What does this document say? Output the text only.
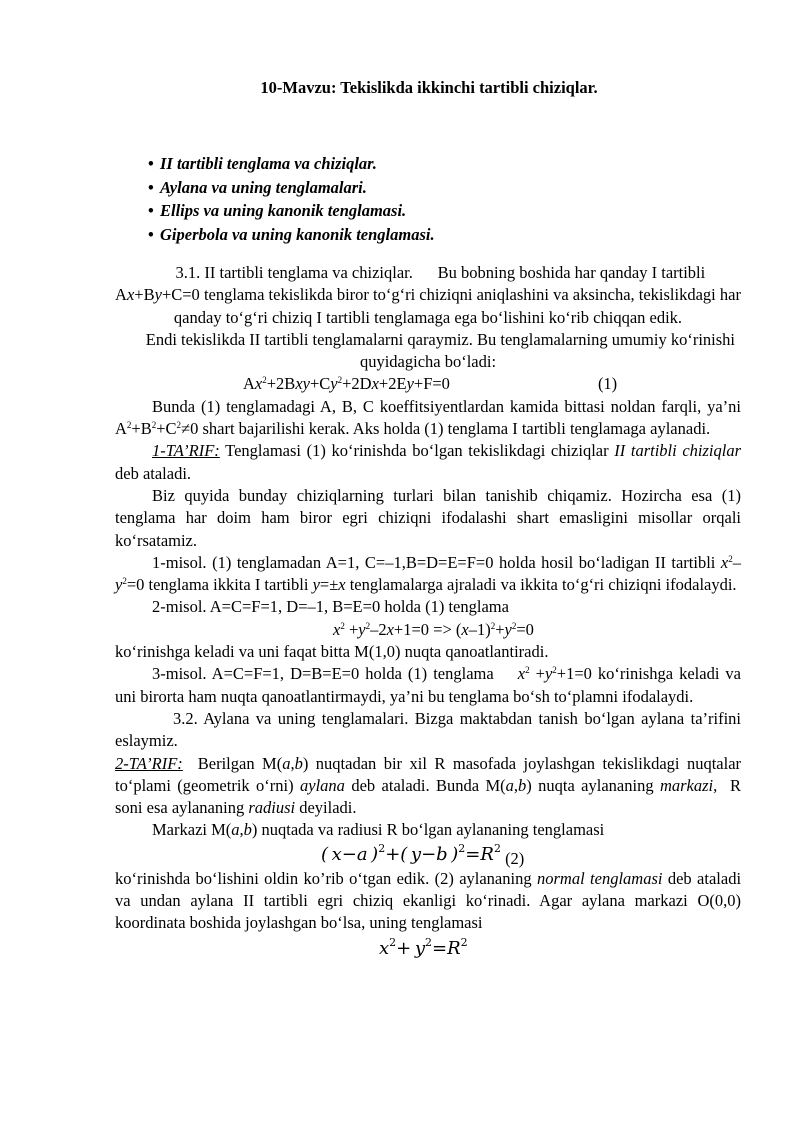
10-Mavzu: Tekislikda ikkinchi tartibli chiziqlar.
• II tartibli tenglama va chiziqlar.
• Aylana va uning tenglamalari.
• Ellips va uning kanonik tenglamasi.
• Giperbola va uning kanonik tenglamasi.

3.1. II tartibli tenglama va chiziqlar. Bu bobning boshida har qanday I tartibli Ax+By+C=0 tenglama tekislikda biror to‘g‘ri chiziqni aniqlashini va aksincha, tekislikdagi har qanday to‘g‘ri chiziq I tartibli tenglamaga ega bo‘lishini ko‘rib chiqqan edik.

Endi tekislikda II tartibli tenglamalarni qaraymiz. Bu tenglamalarning umumiy ko‘rinishi quyidagicha bo‘ladi:

$Ax^2+2Bxy+Cy^2+2Dx+2Ey+F=0$	(1)

Bunda (1) tenglamadagi A, B, C koeffitsiyentlardan kamida bittasi noldan farqli, ya’ni $A^2+B^2+C^2\ne 0$ shart bajarilishi kerak. Aks holda (1) tenglama I tartibli tenglamaga aylanadi.

1-TA’RIF: Tenglamasi (1) ko‘rinishda bo‘lgan tekislikdagi chiziqlar II tartibli chiziqlar deb ataladi.

Biz quyida bunday chiziqlarning turlari bilan tanishib chiqamiz. Hozircha esa (1) tenglama har doim ham biror egri chiziqni ifodalashi shart emasligini misollar orqali ko‘rsatamiz.

1-misol. (1) tenglamadan A=1, C=–1,B=D=E=F=0 holda hosil bo‘ladigan II tartibli $x^2-y^2=0$ tenglama ikkita I tartibli y=±x tenglamalarga ajraladi va ikkita to‘g‘ri chiziqni ifodalaydi.

2-misol. A=C=F=1, D=–1, B=E=0 holda (1) tenglama

$x^2 +y^2-2x+1=0 => (x-1)^2+y^2=0$

ko‘rinishga keladi va uni faqat bitta M(1,0) nuqta qanoatlantiradi.

3-misol. A=C=F=1, D=B=E=0 holda (1) tenglama $x^2 +y^2+1=0$ ko‘rinishga keladi va uni birorta ham nuqta qanoatlantirmaydi, ya’ni bu tenglama bo‘sh to‘plamni ifodalaydi.

3.2. Aylana va uning tenglamalari. Bizga maktabdan tanish bo‘lgan aylana ta’rifini eslaymiz.

2-TA’RIF: Berilgan M(a,b) nuqtadan bir xil R masofada joylashgan tekislikdagi nuqtalar to‘plami (geometrik o‘rni) aylana deb ataladi. Bunda M(a,b) nuqta aylananing markazi, R soni esa aylananing radiusi deyiladi.

Markazi M(a,b) nuqtada va radiusi R bo‘lgan aylananing tenglamasi

( x−a )$^2$+( y−b )$^2=R^2$ (2)

ko‘rinishda bo‘lishini oldin ko’rib o‘tgan edik. (2) aylananing normal tenglamasi deb ataladi va undan aylana II tartibli egri chiziq ekanligi ko‘rinadi. Agar aylana markazi O(0,0) koordinata boshida joylashgan bo‘lsa, uning tenglamasi

$x^2+ y^2=R^2$
